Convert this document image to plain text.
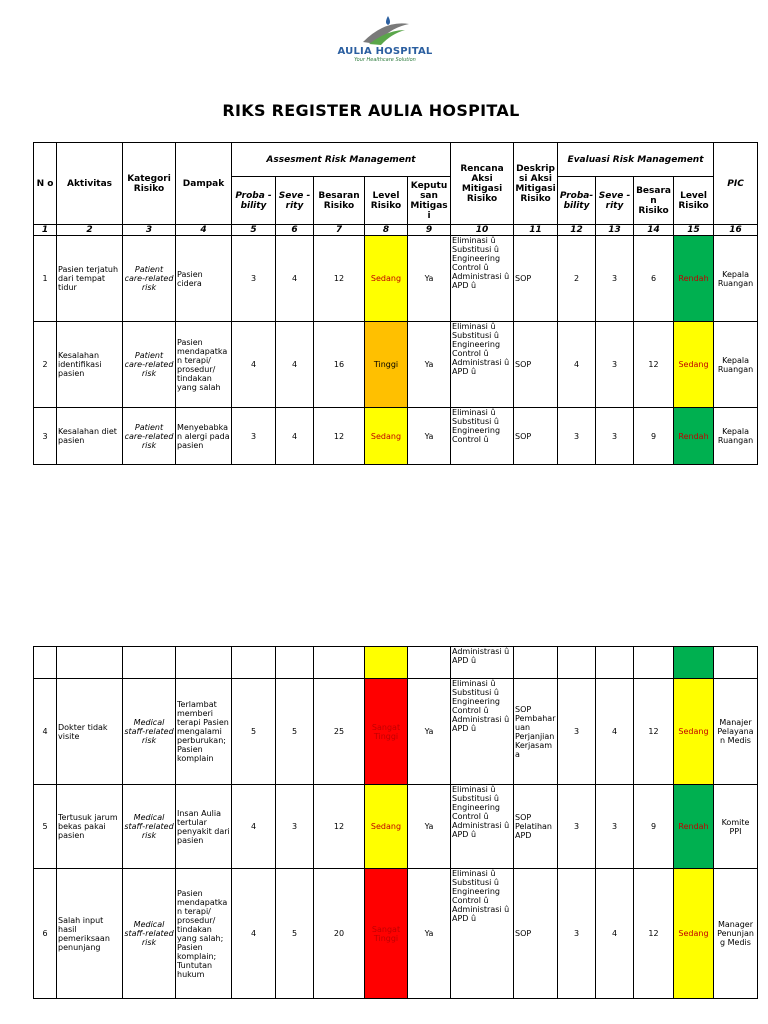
AULIA HOSPITAL
Your Healthcare Solution
RIKS REGISTER AULIA HOSPITAL
N o	Aktivitas	Kategori Risiko	Dampak	Assesment Risk Management					Rencana Aksi Mitigasi Risiko	Deskripsi Aksi Mitigasi Risiko	Evaluasi Risk Management				PIC
				Proba -bility	Seve -rity	Besaran Risiko	Level Risiko	Keputusan Mitigasi			Proba-bility	Seve -rity	Besaran Risiko	Level Risiko	
1	2	3	4	5	6	7	8	9	10	11	12	13	14	15	16
1	Pasien terjatuh dari tempat tidur	Patient care-related risk	Pasien cidera	3	4	12	Sedang	Ya	Eliminasi û Substitusi û Engineering Control û Administrasi û APD û	SOP	2	3	6	Rendah	Kepala Ruangan
2	Kesalahan identifikasi pasien	Patient care-related risk	Pasien mendapatkan terapi/ prosedur/ tindakan yang salah	4	4	16	Tinggi	Ya	Eliminasi û Substitusi û Engineering Control û Administrasi û APD û	SOP	4	3	12	Sedang	Kepala Ruangan
3	Kesalahan diet pasien	Patient care-related risk	Menyebabkan alergi pada pasien	3	4	12	Sedang	Ya	Eliminasi û Substitusi û Engineering Control û	SOP	3	3	9	Rendah	Kepala Ruangan
									Administrasi û APD û						
4	Dokter tidak visite	Medical staff-related risk	Terlambat memberi terapi Pasien mengalami perburukan; Pasien komplain	5	5	25	Sangat Tinggi	Ya	Eliminasi û Substitusi û Engineering Control û Administrasi û APD û	SOP Pembaharuan Perjanjian Kerjasama	3	4	12	Sedang	Manajer Pelayanan Medis
5	Tertusuk jarum bekas pakai pasien	Medical staff-related risk	Insan Aulia tertular penyakit dari pasien	4	3	12	Sedang	Ya	Eliminasi û Substitusi û Engineering Control û Administrasi û APD û	SOP Pelatihan APD	3	3	9	Rendah	Komite PPI
6	Salah input hasil pemeriksaan penunjang	Medical staff-related risk	Pasien mendapatkan terapi/ prosedur/ tindakan yang salah; Pasien komplain; Tuntutan hukum	4	5	20	Sangat Tinggi	Ya	Eliminasi û Substitusi û Engineering Control û Administrasi û APD û	SOP	3	4	12	Sedang	Manager Penunjang Medis
